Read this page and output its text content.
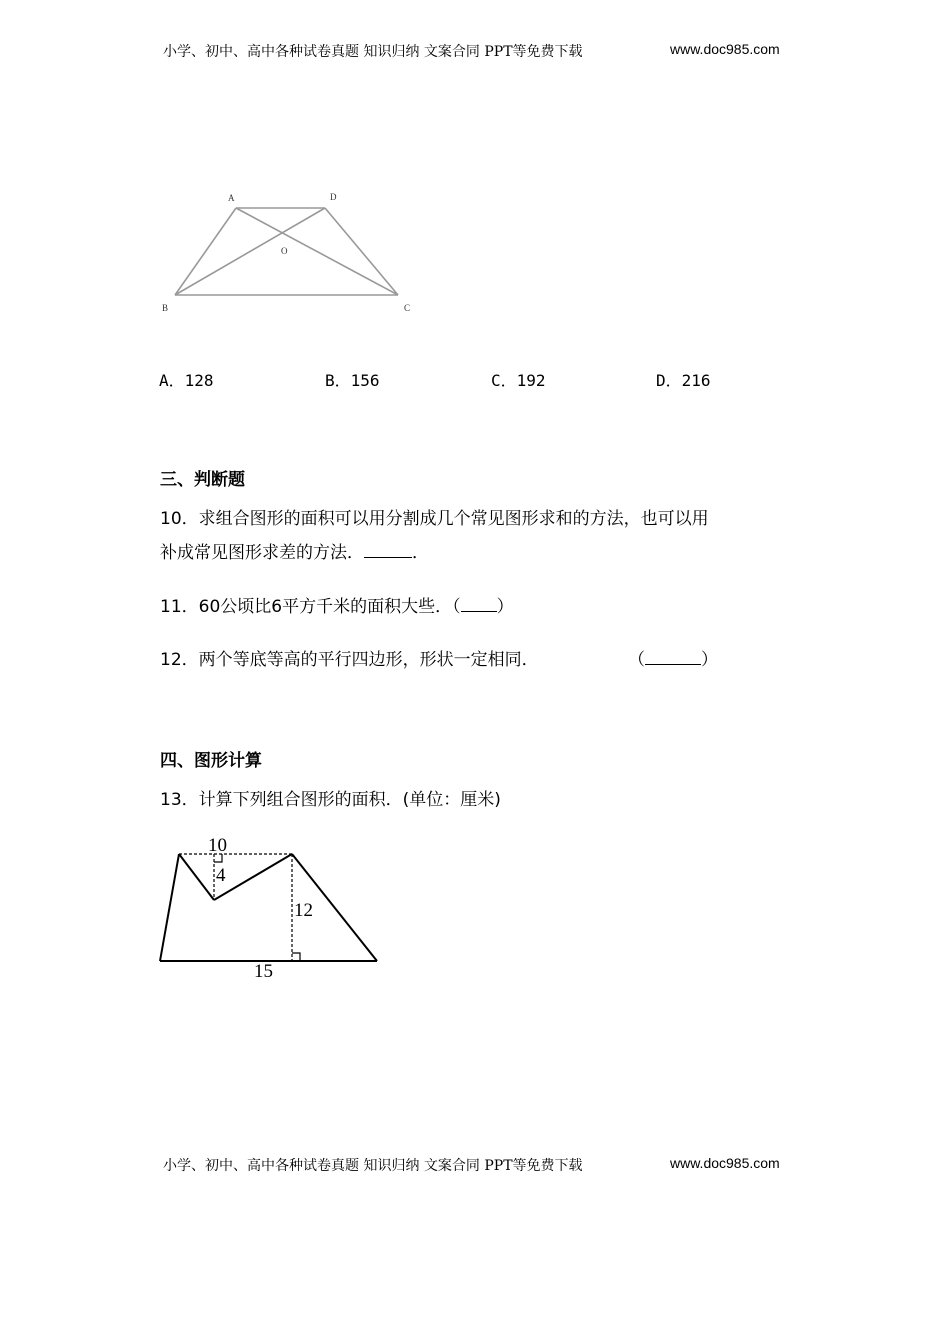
小学、初中、高中各种试卷真题 知识归纳 文案合同 PPT等免费下载	www.doc985.com
A	D
O
B	C
A．128	B．156	C．192	D．216
三、判断题
10．求组合图形的面积可以用分割成几个常见图形求和的方法，也可以用
补成常见图形求差的方法．	．
11．60公顷比6平方千米的面积大些．（ ）
12．两个等底等高的平行四边形，形状一定相同．	（	）
四、图形计算
13．计算下列组合图形的面积．(单位：厘米)
10
4
12
15
小学、初中、高中各种试卷真题 知识归纳 文案合同 PPT等免费下载	www.doc985.com
